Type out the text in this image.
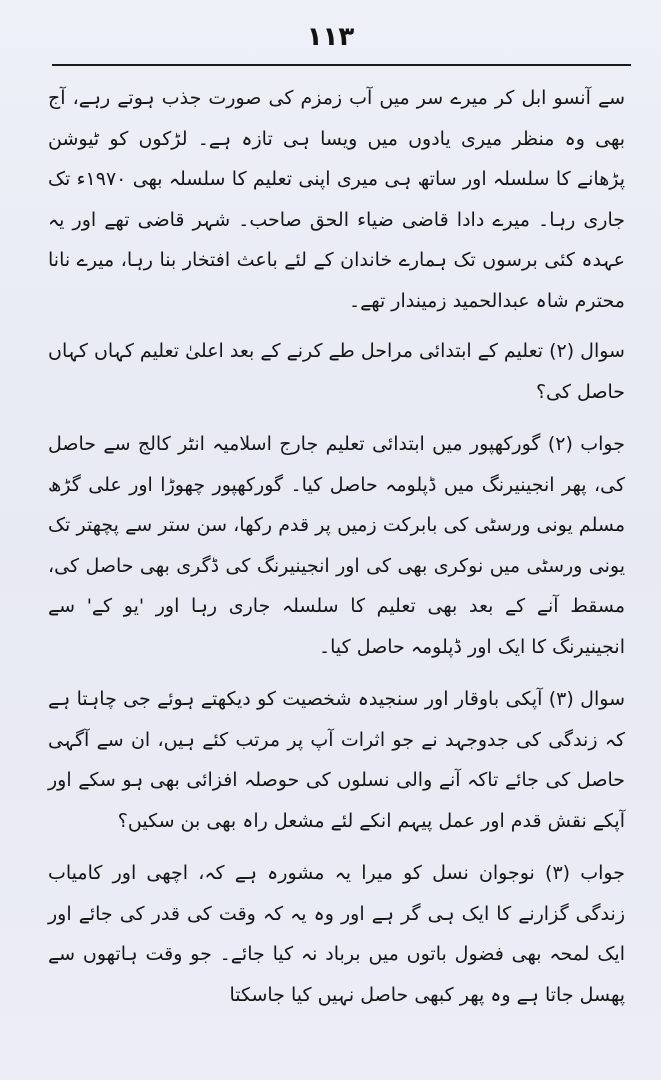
۱۱۳

سے آنسو ابل کر میرے سر میں آب زمزم کی صورت جذب ہوتے رہے، آج بھی وہ منظر میری یادوں میں ویسا ہی تازہ ہے۔ لڑکوں کو ٹیوشن پڑھانے کا سلسلہ اور ساتھ ہی میری اپنی تعلیم کا سلسلہ بھی ۱۹۷۰ء تک جاری رہا۔ میرے دادا قاضی ضیاء الحق صاحب۔ شہر قاضی تھے اور یہ عہدہ کئی برسوں تک ہمارے خاندان کے لئے باعث افتخار بنا رہا، میرے نانا محترم شاہ عبدالحمید زمیندار تھے۔

سوال (۲) تعلیم کے ابتدائی مراحل طے کرنے کے بعد اعلیٰ تعلیم کہاں کہاں حاصل کی؟

جواب (۲) گورکھپور میں ابتدائی تعلیم جارج اسلامیہ انٹر کالج سے حاصل کی، پھر انجینیرنگ میں ڈپلومہ حاصل کیا۔ گورکھپور چھوڑا اور علی گڑھ مسلم یونی ورسٹی کی بابرکت زمیں پر قدم رکھا، سن ستر سے پچھتر تک یونی ورسٹی میں نوکری بھی کی اور انجینیرنگ کی ڈگری بھی حاصل کی، مسقط آنے کے بعد بھی تعلیم کا سلسلہ جاری رہا اور 'یو کے' سے انجینیرنگ کا ایک اور ڈپلومہ حاصل کیا۔

سوال (۳) آپکی باوقار اور سنجیدہ شخصیت کو دیکھتے ہوئے جی چاہتا ہے کہ زندگی کی جدوجہد نے جو اثرات آپ پر مرتب کئے ہیں، ان سے آگہی حاصل کی جائے تاکہ آنے والی نسلوں کی حوصلہ افزائی بھی ہو سکے اور آپکے نقش قدم اور عمل پیہم انکے لئے مشعل راہ بھی بن سکیں؟

جواب (۳) نوجوان نسل کو میرا یہ مشورہ ہے کہ، اچھی اور کامیاب زندگی گزارنے کا ایک ہی گر ہے اور وہ یہ کہ وقت کی قدر کی جائے اور ایک لمحہ بھی فضول باتوں میں برباد نہ کیا جائے۔ جو وقت ہاتھوں سے پھسل جاتا ہے وہ پھر کبھی حاصل نہیں کیا جاسکتا
